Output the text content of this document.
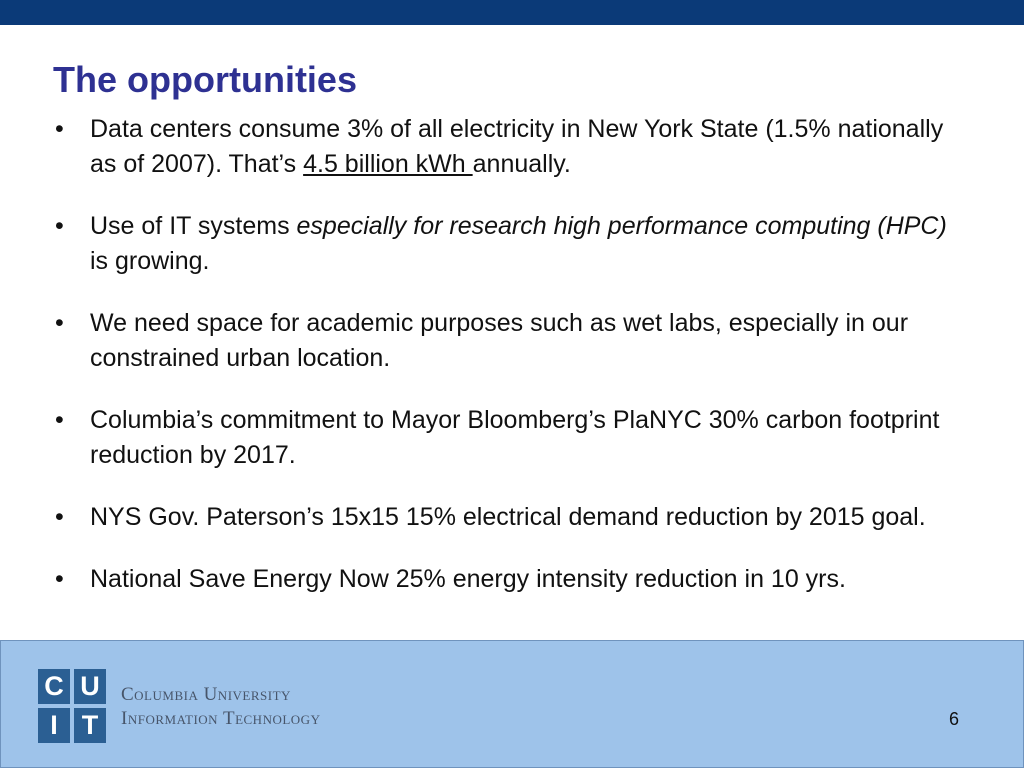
The opportunities
• Data centers consume 3% of all electricity in New York State (1.5% nationally as of 2007). That’s 4.5 billion kWh annually.
• Use of IT systems especially for research high performance computing (HPC) is growing.
• We need space for academic purposes such as wet labs, especially in our constrained urban location.
• Columbia’s commitment to Mayor Bloomberg’s PlaNYC 30% carbon footprint reduction by 2017.
• NYS Gov. Paterson’s 15x15 15% electrical demand reduction by 2015 goal.
• National Save Energy Now 25% energy intensity reduction in 10 yrs.
C U
I T
Columbia University
Information Technology	6
